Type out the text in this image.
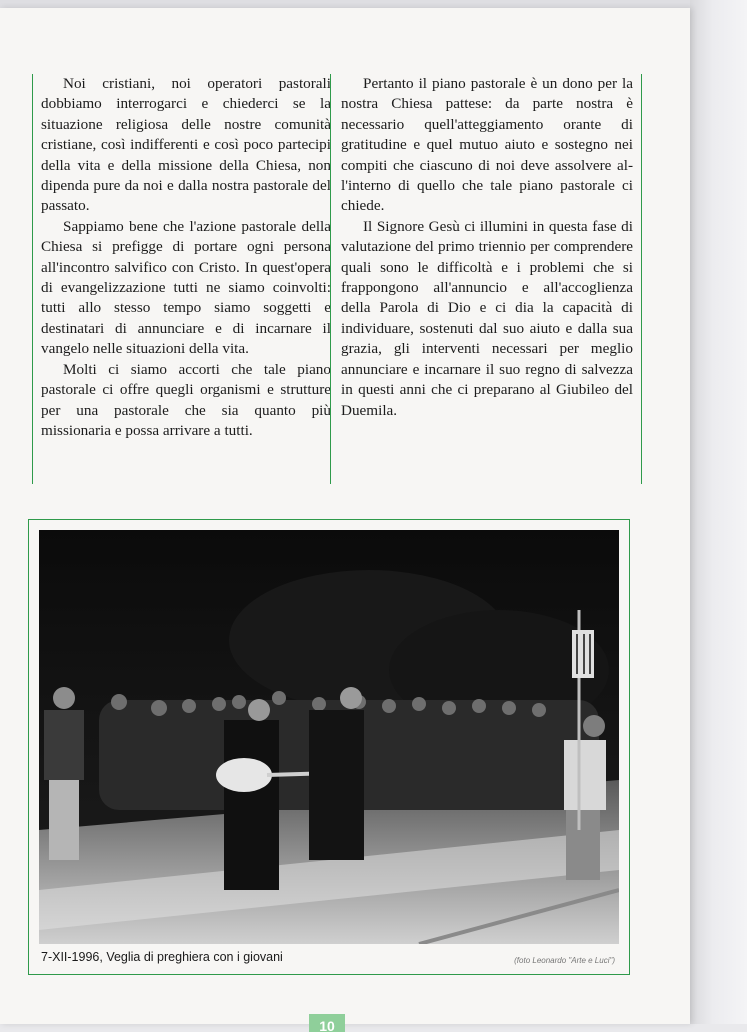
Noi cristiani, noi operatori pastorali dobbiamo interrogarci e chiederci se la situazione religiosa delle nostre comunità cristiane, così indifferenti e così poco partecipi della vita e della missione della Chiesa, non dipenda pure da noi e dalla nostra pastorale del passato.

Sappiamo bene che l'azione pastorale della Chiesa si prefigge di portare ogni persona all'incontro salvifico con Cristo. In quest'opera di evangelizzazione tutti ne siamo coinvolti: tutti allo stesso tempo siamo soggetti e destinatari di annunciare e di incarnare il vangelo nelle situazioni della vita.

Molti ci siamo accorti che tale piano pastorale ci offre quegli organismi e strutture per una pastorale che sia quanto più missionaria e possa arrivare a tutti.

Pertanto il piano pastorale è un dono per la nostra Chiesa pattese: da parte nostra è necessario quell'atteggiamento orante di gratitudine e quel mutuo aiuto e sostegno nei compiti che ciascuno di noi deve assolvere all'interno di quello che tale piano pastorale ci chiede.

Il Signore Gesù ci illumini in questa fase di valutazione del primo triennio per comprendere quali sono le difficoltà e i problemi che si frappongono all'annuncio e all'accoglienza della Parola di Dio e ci dia la capacità di individuare, sostenuti dal suo aiuto e dalla sua grazia, gli interventi necessari per meglio annunciare e incarnare il suo regno di salvezza in questi anni che ci preparano al Giubileo del Duemila.

7-XII-1996, Veglia di preghiera con i giovani	(foto Leonardo "Arte e Luci")
10
